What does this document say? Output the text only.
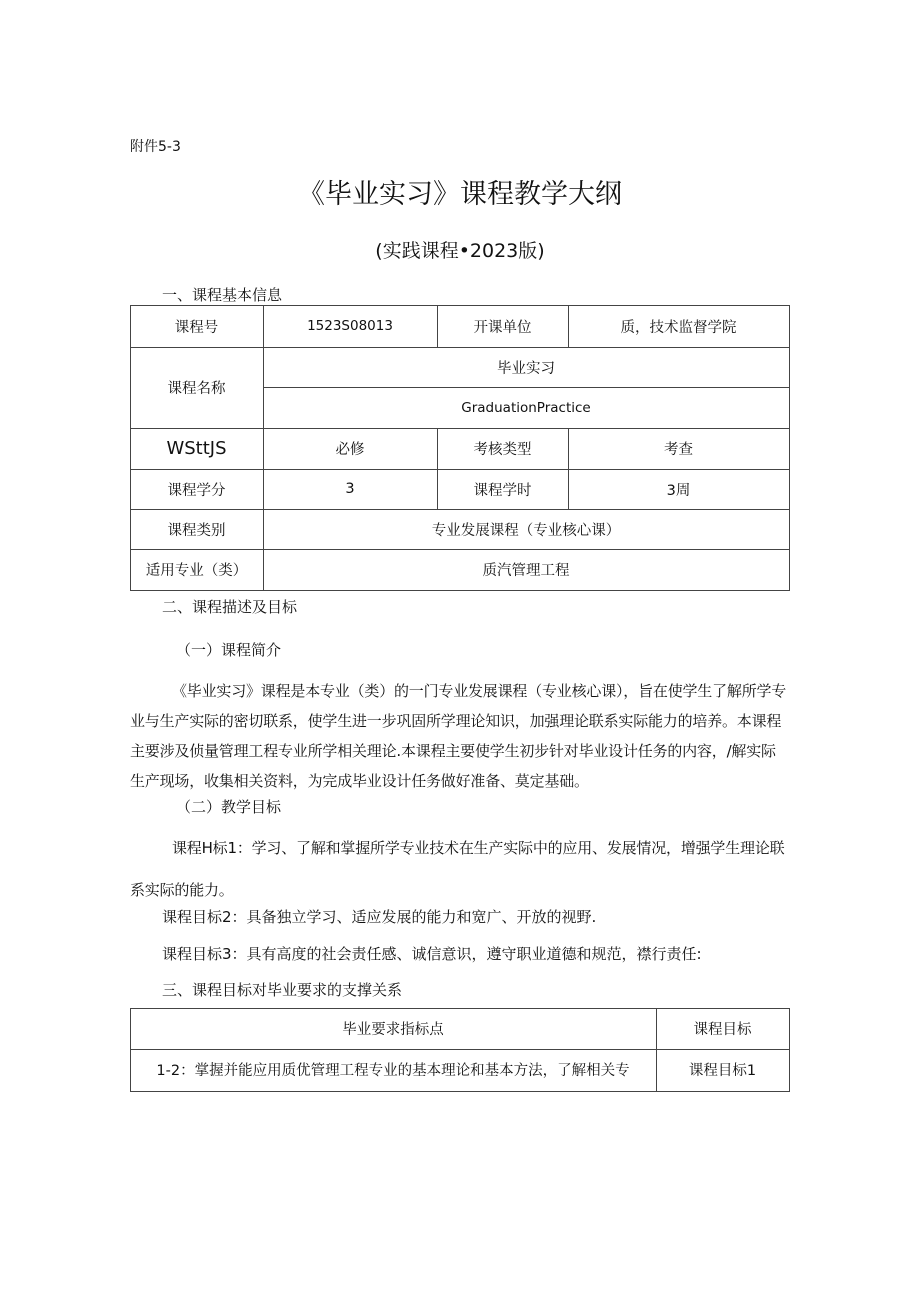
附件5-3
《毕业实习》课程教学大纲
(实践课程•2023版)
一、课程基本信息
课程号	1523S08013	开课单位	质，技术监督学院
课程名称
毕业实习
GraduationPractice
WSttJS	必修	考核类型	考查
课程学分	3	课程学时	3周
课程类别	专业发展课程（专业核心课）
适用专业（类）	质汽管理工程
二、课程描述及目标
（一）课程简介
《毕业实习》课程是本专业（类）的一门专业发展课程（专业核心课），旨在使学生了解所学专业与生产实际的密切联系，使学生进一步巩固所学理论知识，加强理论联系实际能力的培养。本课程主要涉及侦量管理工程专业所学相关理论.本课程主要使学生初步针对毕业设计任务的内容，/解实际生产现场，收集相关资料，为完成毕业设计任务做好准备、莫定基础。
（二）教学目标
课程H标1：学习、了解和掌握所学专业技术在生产实际中的应用、发展情况，增强学生理论联系实际的能力。
课程目标2：具备独立学习、适应发展的能力和宽广、开放的视野.
课程目标3：具有高度的社会责任感、诚信意识，遵守职业道德和规范，襟行责任:
三、课程目标对毕业要求的支撑关系
毕业要求指标点	课程目标
1-2：掌握并能应用质优管理工程专业的基本理论和基本方法，了解相关专	课程目标1
